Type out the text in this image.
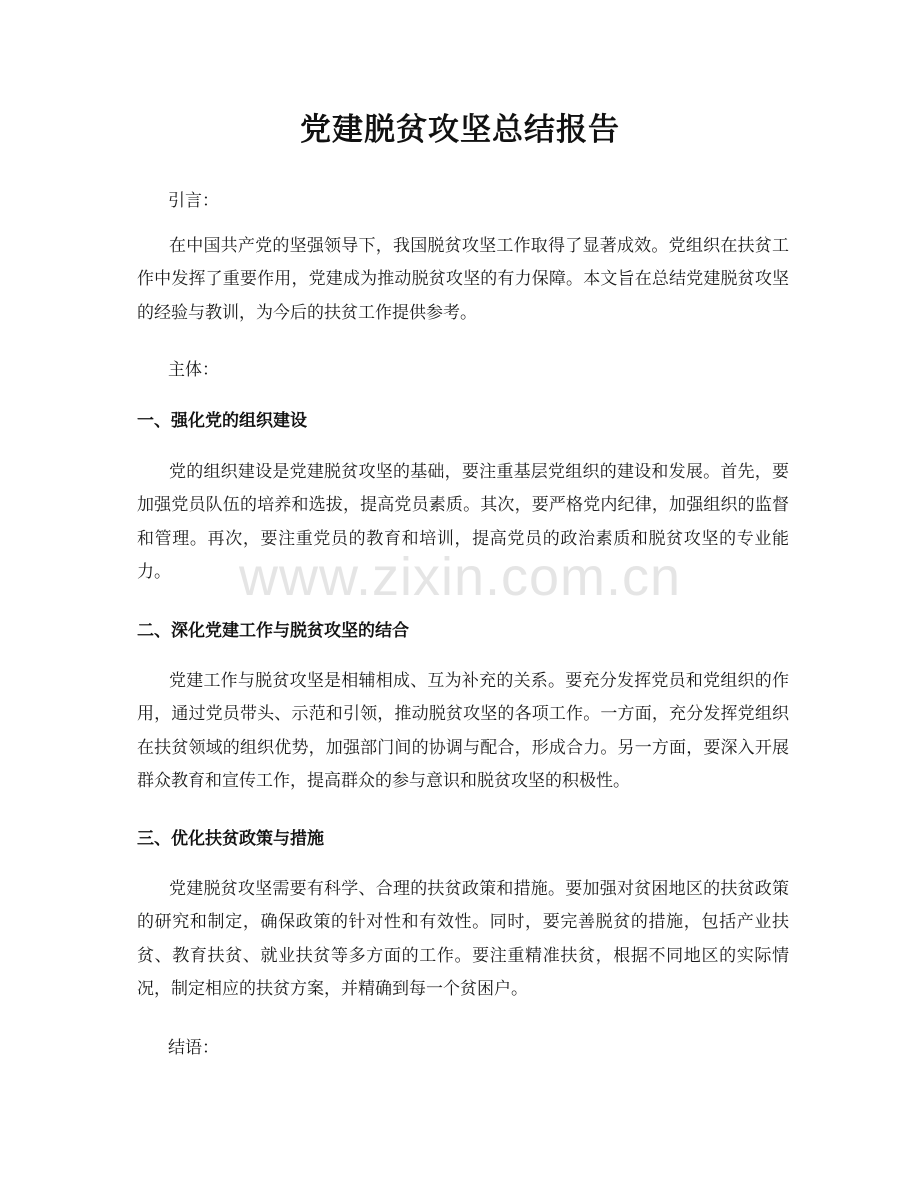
党建脱贫攻坚总结报告

引言：

在中国共产党的坚强领导下，我国脱贫攻坚工作取得了显著成效。党组织在扶贫工作中发挥了重要作用，党建成为推动脱贫攻坚的有力保障。本文旨在总结党建脱贫攻坚的经验与教训，为今后的扶贫工作提供参考。

主体：

一、强化党的组织建设

党的组织建设是党建脱贫攻坚的基础，要注重基层党组织的建设和发展。首先，要加强党员队伍的培养和选拔，提高党员素质。其次，要严格党内纪律，加强组织的监督和管理。再次，要注重党员的教育和培训，提高党员的政治素质和脱贫攻坚的专业能力。

二、深化党建工作与脱贫攻坚的结合

党建工作与脱贫攻坚是相辅相成、互为补充的关系。要充分发挥党员和党组织的作用，通过党员带头、示范和引领，推动脱贫攻坚的各项工作。一方面，充分发挥党组织在扶贫领域的组织优势，加强部门间的协调与配合，形成合力。另一方面，要深入开展群众教育和宣传工作，提高群众的参与意识和脱贫攻坚的积极性。

三、优化扶贫政策与措施

党建脱贫攻坚需要有科学、合理的扶贫政策和措施。要加强对贫困地区的扶贫政策的研究和制定，确保政策的针对性和有效性。同时，要完善脱贫的措施，包括产业扶贫、教育扶贫、就业扶贫等多方面的工作。要注重精准扶贫，根据不同地区的实际情况，制定相应的扶贫方案，并精确到每一个贫困户。

结语：

www.zixin.com.cn
